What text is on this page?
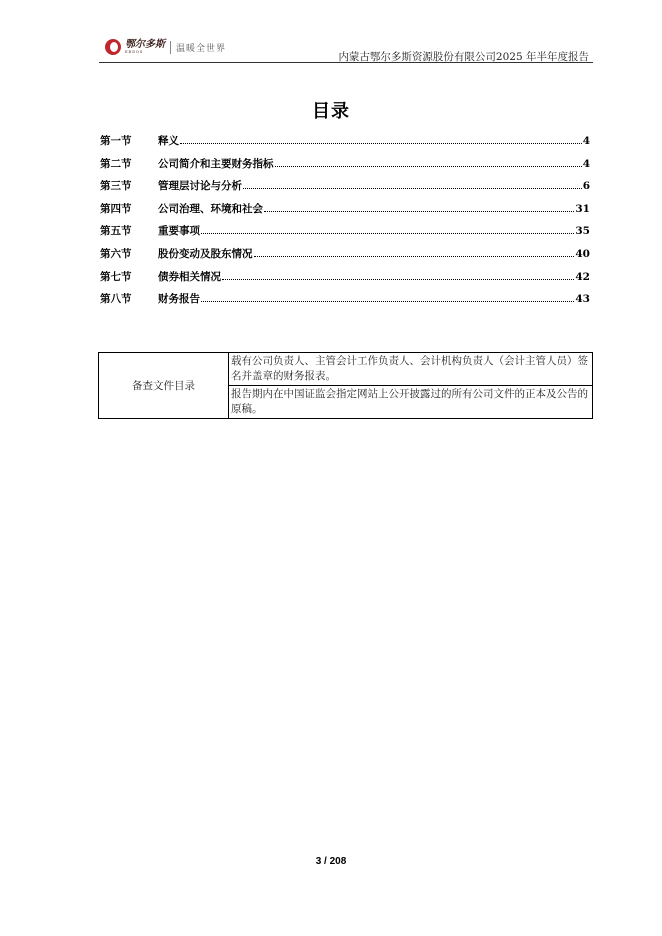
鄂尔多斯
ERDOS	温暖全世界
内蒙古鄂尔多斯资源股份有限公司2025 年半年度报告
目录
第一节	释义	4
第二节	公司简介和主要财务指标	4
第三节	管理层讨论与分析	6
第四节	公司治理、环境和社会	31
第五节	重要事项	35
第六节	股份变动及股东情况	40
第七节	债券相关情况	42
第八节	财务报告	43
备查文件目录	载有公司负责人、主管会计工作负责人、会计机构负责人（会计主管人员）签名并盖章的财务报表。
报告期内在中国证监会指定网站上公开披露过的所有公司文件的正本及公告的原稿。
3 / 208
